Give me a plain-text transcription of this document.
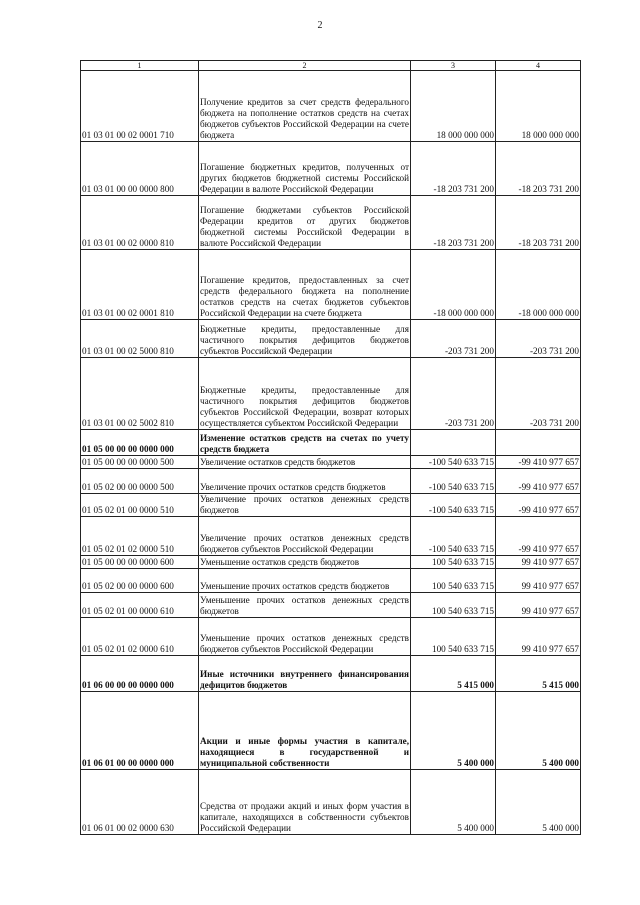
2
1	2	3	4
01 03 01 00 02 0001 710	Получение кредитов за счет средств федерального бюджета на пополнение остатков средств на счетах бюджетов субъектов Российской Федерации на счете бюджета	18 000 000 000	18 000 000 000
01 03 01 00 00 0000 800	Погашение бюджетных кредитов, полученных от других бюджетов бюджетной системы Российской Федерации в валюте Российской Федерации	-18 203 731 200	-18 203 731 200
01 03 01 00 02 0000 810	Погашение бюджетами субъектов Российской Федерации кредитов от других бюджетов бюджетной системы Российской Федерации в валюте Российской Федерации	-18 203 731 200	-18 203 731 200
01 03 01 00 02 0001 810	Погашение кредитов, предоставленных за счет средств федерального бюджета на пополнение остатков средств на счетах бюджетов субъектов Российской Федерации на счете бюджета	-18 000 000 000	-18 000 000 000
01 03 01 00 02 5000 810	Бюджетные кредиты, предоставленные для частичного покрытия дефицитов бюджетов субъектов Российской Федерации	-203 731 200	-203 731 200
01 03 01 00 02 5002 810	Бюджетные кредиты, предоставленные для частичного покрытия дефицитов бюджетов субъектов Российской Федерации, возврат которых осуществляется субъектом Российской Федерации	-203 731 200	-203 731 200
01 05 00 00 00 0000 000	Изменение остатков средств на счетах по учету средств бюджета		
01 05 00 00 00 0000 500	Увеличение остатков средств бюджетов	-100 540 633 715	-99 410 977 657
01 05 02 00 00 0000 500	Увеличение прочих остатков средств бюджетов	-100 540 633 715	-99 410 977 657
01 05 02 01 00 0000 510	Увеличение прочих остатков денежных средств бюджетов	-100 540 633 715	-99 410 977 657
01 05 02 01 02 0000 510	Увеличение прочих остатков денежных средств бюджетов субъектов Российской Федерации	-100 540 633 715	-99 410 977 657
01 05 00 00 00 0000 600	Уменьшение остатков средств бюджетов	100 540 633 715	99 410 977 657
01 05 02 00 00 0000 600	Уменьшение прочих остатков средств бюджетов	100 540 633 715	99 410 977 657
01 05 02 01 00 0000 610	Уменьшение прочих остатков денежных средств бюджетов	100 540 633 715	99 410 977 657
01 05 02 01 02 0000 610	Уменьшение прочих остатков денежных средств бюджетов субъектов Российской Федерации	100 540 633 715	99 410 977 657
01 06 00 00 00 0000 000	Иные источники внутреннего финансирования дефицитов бюджетов	5 415 000	5 415 000
01 06 01 00 00 0000 000	Акции и иные формы участия в капитале, находящиеся в государственной и муниципальной собственности	5 400 000	5 400 000
01 06 01 00 02 0000 630	Средства от продажи акций и иных форм участия в капитале, находящихся в собственности субъектов Российской Федерации	5 400 000	5 400 000
